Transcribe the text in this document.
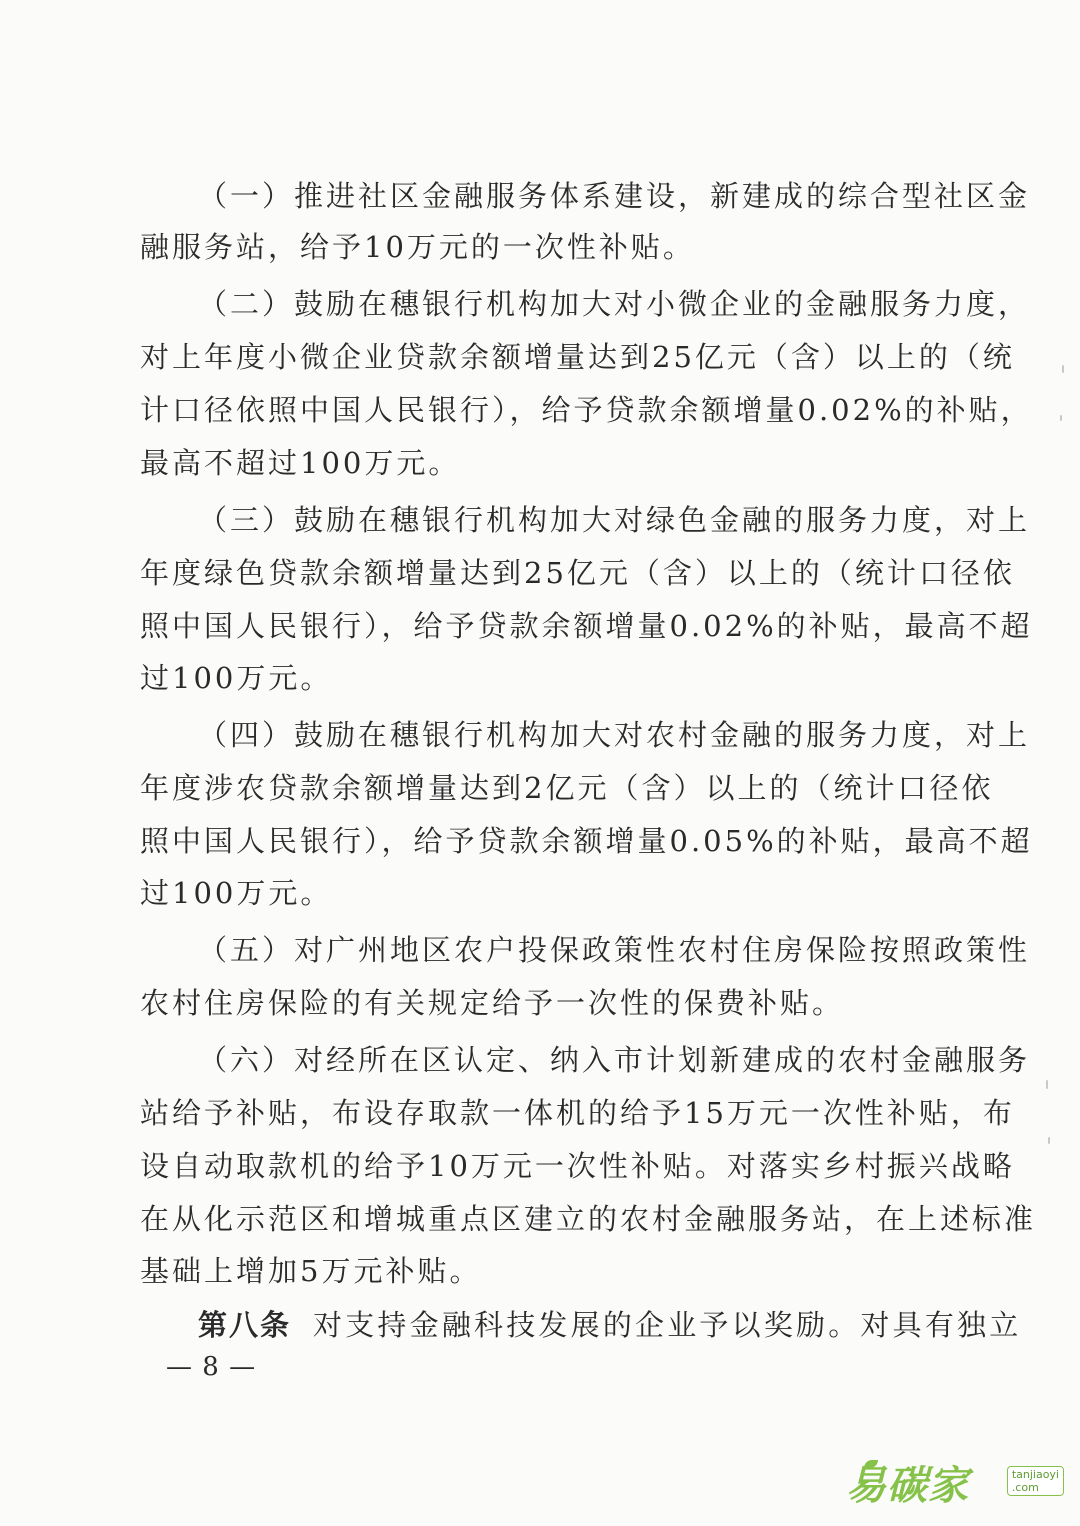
（一）推进社区金融服务体系建设，新建成的综合型社区金
融服务站，给予10万元的一次性补贴。
（二）鼓励在穗银行机构加大对小微企业的金融服务力度，
对上年度小微企业贷款余额增量达到25亿元（含）以上的（统
计口径依照中国人民银行），给予贷款余额增量0.02%的补贴，
最高不超过100万元。
（三）鼓励在穗银行机构加大对绿色金融的服务力度，对上
年度绿色贷款余额增量达到25亿元（含）以上的（统计口径依
照中国人民银行），给予贷款余额增量0.02%的补贴，最高不超
过100万元。
（四）鼓励在穗银行机构加大对农村金融的服务力度，对上
年度涉农贷款余额增量达到2亿元（含）以上的（统计口径依
照中国人民银行），给予贷款余额增量0.05%的补贴，最高不超
过100万元。
（五）对广州地区农户投保政策性农村住房保险按照政策性
农村住房保险的有关规定给予一次性的保费补贴。
（六）对经所在区认定、纳入市计划新建成的农村金融服务
站给予补贴，布设存取款一体机的给予15万元一次性补贴，布
设自动取款机的给予10万元一次性补贴。对落实乡村振兴战略
在从化示范区和增城重点区建立的农村金融服务站，在上述标准
基础上增加5万元补贴。
第八条 对支持金融科技发展的企业予以奖励。对具有独立
— 8 —
易碳家	tanjiaoyi
.com
